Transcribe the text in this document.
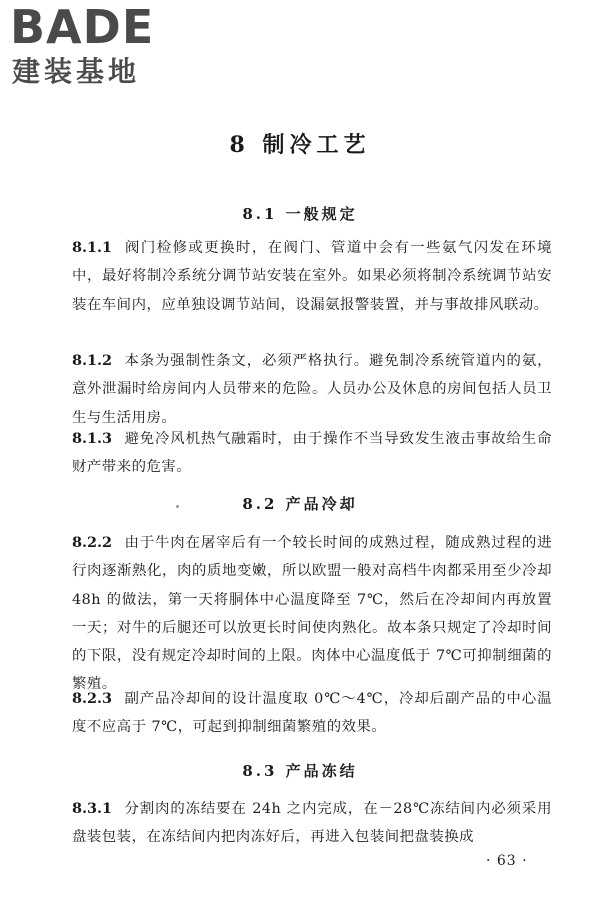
BADE

建装基地

8 制冷工艺
8.1 一般规定

8.1.1 阀门检修或更换时，在阀门、管道中会有一些氨气闪发在环境中，最好将制冷系统分调节站安装在室外。如果必须将制冷系统调节站安装在车间内，应单独设调节站间，设漏氨报警装置，并与事故排风联动。

8.1.2 本条为强制性条文，必须严格执行。避免制冷系统管道内的氨，意外泄漏时给房间内人员带来的危险。人员办公及休息的房间包括人员卫生与生活用房。

8.1.3 避免冷风机热气融霜时，由于操作不当导致发生液击事故给生命财产带来的危害。

8.2 产品冷却

8.2.2 由于牛肉在屠宰后有一个较长时间的成熟过程，随成熟过程的进行肉逐渐熟化，肉的质地变嫩，所以欧盟一般对高档牛肉都采用至少冷却 48h 的做法，第一天将胴体中心温度降至 7℃，然后在冷却间内再放置一天；对牛的后腿还可以放更长时间使肉熟化。故本条只规定了冷却时间的下限，没有规定冷却时间的上限。肉体中心温度低于 7℃可抑制细菌的繁殖。

8.2.3 副产品冷却间的设计温度取 0℃～4℃，冷却后副产品的中心温度不应高于 7℃，可起到抑制细菌繁殖的效果。

8.3 产品冻结

8.3.1 分割肉的冻结要在 24h 之内完成，在－28℃冻结间内必须采用盘装包装，在冻结间内把肉冻好后，再进入包装间把盘装换成

· 63 ·
